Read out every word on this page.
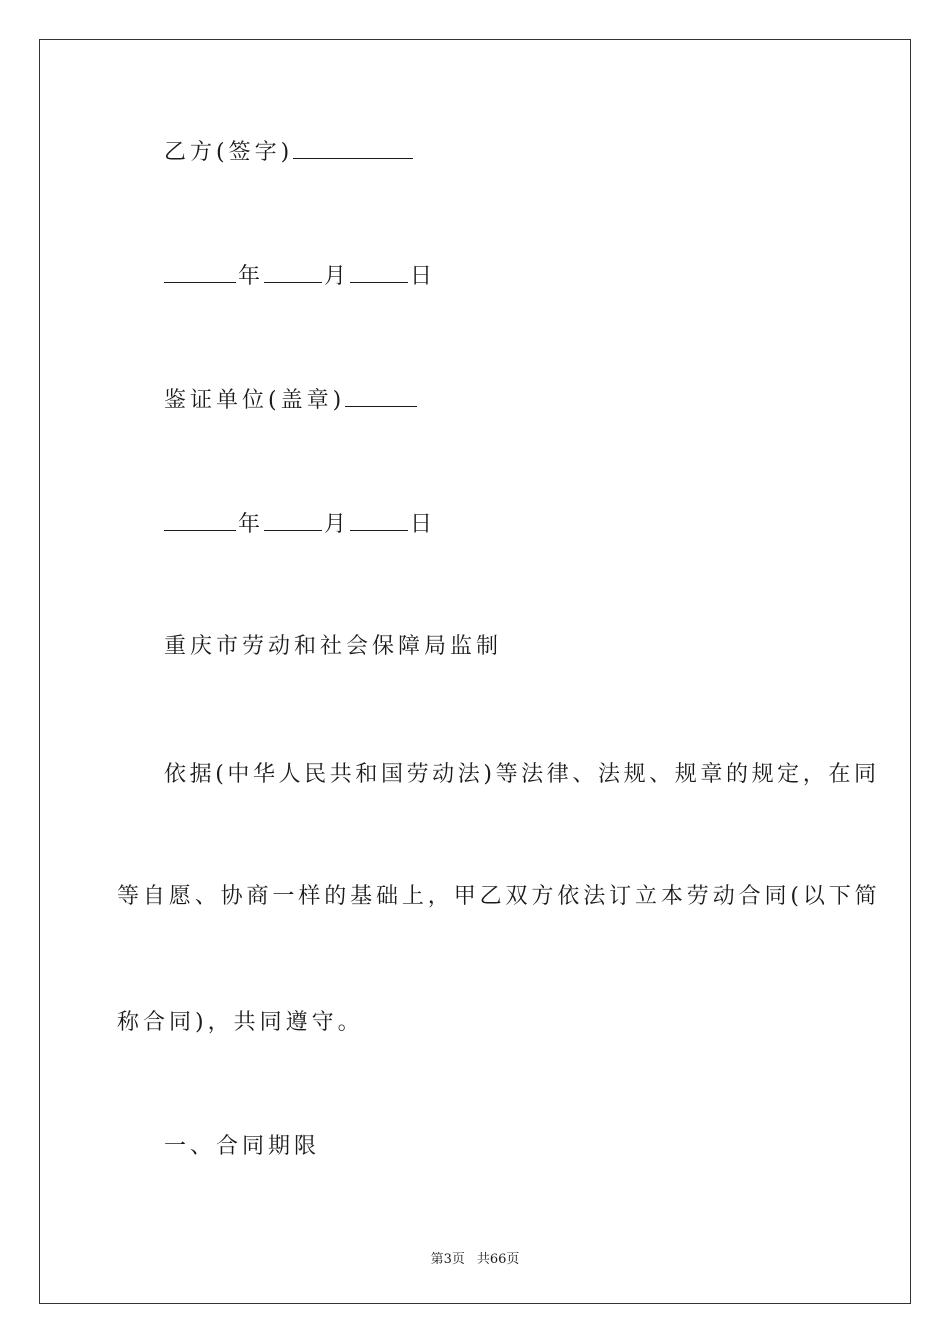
乙方(签字)
年	月	日
鉴证单位(盖章)
年	月	日
重庆市劳动和社会保障局监制
依据(中华人民共和国劳动法)等法律、法规、规章的规定，在同
等自愿、协商一样的基础上，甲乙双方依法订立本劳动合同(以下简
称合同)，共同遵守。
一、合同期限
第3页 共66页
